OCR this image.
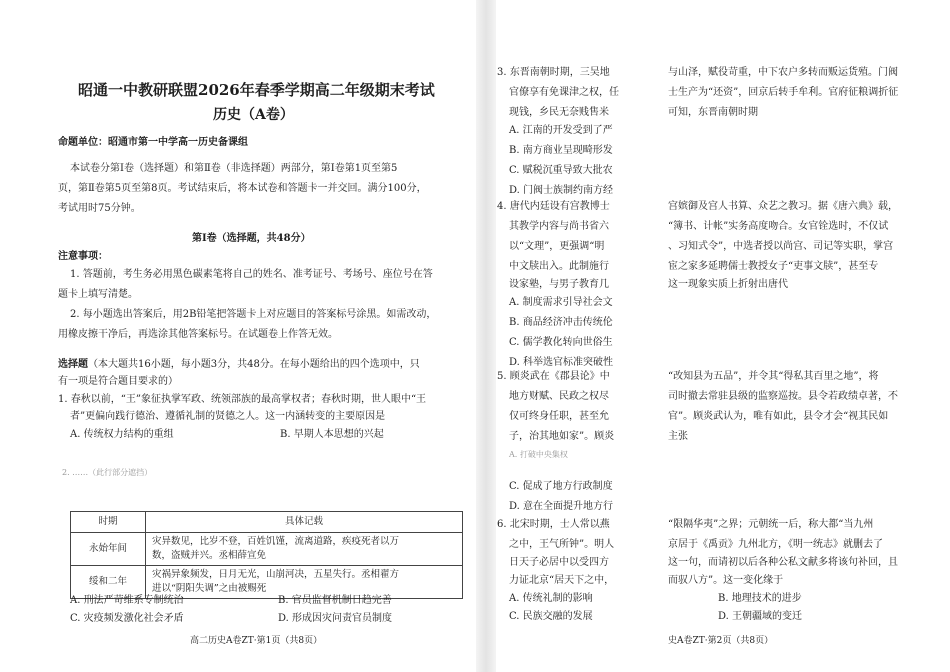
昭通一中教研联盟2026年春季学期高二年级期末考试
历史（A卷）
命题单位：昭通市第一中学高一历史备课组
本试卷分第Ⅰ卷（选择题）和第Ⅱ卷（非选择题）两部分，第Ⅰ卷第1页至第5
页，第Ⅱ卷第5页至第8页。考试结束后，将本试卷和答题卡一并交回。满分100分，
考试用时75分钟。
第Ⅰ卷（选择题，共48分）
注意事项：
1. 答题前，考生务必用黑色碳素笔将自己的姓名、准考证号、考场号、座位号在答
题卡上填写清楚。
2. 每小题选出答案后，用2B铅笔把答题卡上对应题目的答案标号涂黑。如需改动，
用橡皮擦干净后，再选涂其他答案标号。在试题卷上作答无效。
选择题（本大题共16小题，每小题3分，共48分。在每小题给出的四个选项中，只
有一项是符合题目要求的）
1. 春秋以前，“王”象征执掌军政、统领部族的最高掌权者；春秋时期，世人眼中“王
者”更偏向践行德治、遵循礼制的贤德之人。这一内涵转变的主要原因是
A. 传统权力结构的重组	B. 早期人本思想的兴起
2. ……（此行部分遮挡）
时期	具体记载
永始年间	灾异数见，比岁不登，百姓饥馑，流离道路，疾疫死者以万
数，盗贼并兴。丞相薛宣免

绥和二年	灾祸异象频发，日月无光，山崩河决，五星失行。丞相翟方
进以“阴阳失调”之由被赐死
A. 刑法严苛维系专制统治	B. 官员监督机制日趋完善
C. 灾疫频发激化社会矛盾	D. 形成因灾问责官员制度
高二历史A卷ZT·第1页（共8页）
3. 东晋南朝时期，三吴地
官僚享有免课津之权，任
现钱，乡民无奈贱售米
A. 江南的开发受到了严
B. 南方商业呈现畸形发
C. 赋税沉重导致大批农
D. 门阀士族制约南方经
4. 唐代内廷设有宫教博士
其教学内容与尚书省六
以“文理”，更强调“明
中文牍出入。此制施行
设家塾，与男子教育几
A. 制度需求引导社会文
B. 商品经济冲击传统伦
C. 儒学教化转向世俗生
D. 科举选官标准突破性
5. 顾炎武在《郡县论》中
地方财赋、民政之权尽
仅可终身任职，甚至允
子，治其地如家”。顾炎
A. 打破中央集权
C. 促成了地方行政制度
D. 意在全面提升地方行
6. 北宋时期，士人常以燕
之中，王气所钟”。明人
日天子必居中以受四方
力证北京“居天下之中，
A. 传统礼制的影响
C. 民族交融的发展
与山泽，赋役苛重，中下农户多转而贩运货殖。门阀
士生产为“还资”，回京后转手牟利。官府征粮调折征
可知，东晋南朝时期
宫嫔御及宫人书算、众艺之教习。据《唐六典》载，
“簿书、计帐”实务高度吻合。女官铨选时，不仅试
、习知式令”，中选者授以尚宫、司记等实职，掌宫
宦之家多延聘儒士教授女子“吏事文牍”，甚至专
这一现象实质上折射出唐代
“改知县为五品”，并令其“得私其百里之地”，将
司时撤去常驻县级的监察巡按。县令若政绩卓著，不
官”。顾炎武认为，唯有如此，县令才会“视其民如
主张
“限隔华夷”之界；元朝统一后，称大都“当九州
京居于《禹贡》九州北方，《明一统志》就删去了
这一句，而请初以后各种公私文献多将该句补回，且
而驭八方”。这一变化缘于
B. 地理技术的进步
D. 王朝疆域的变迁
史A卷ZT·第2页（共8页）
